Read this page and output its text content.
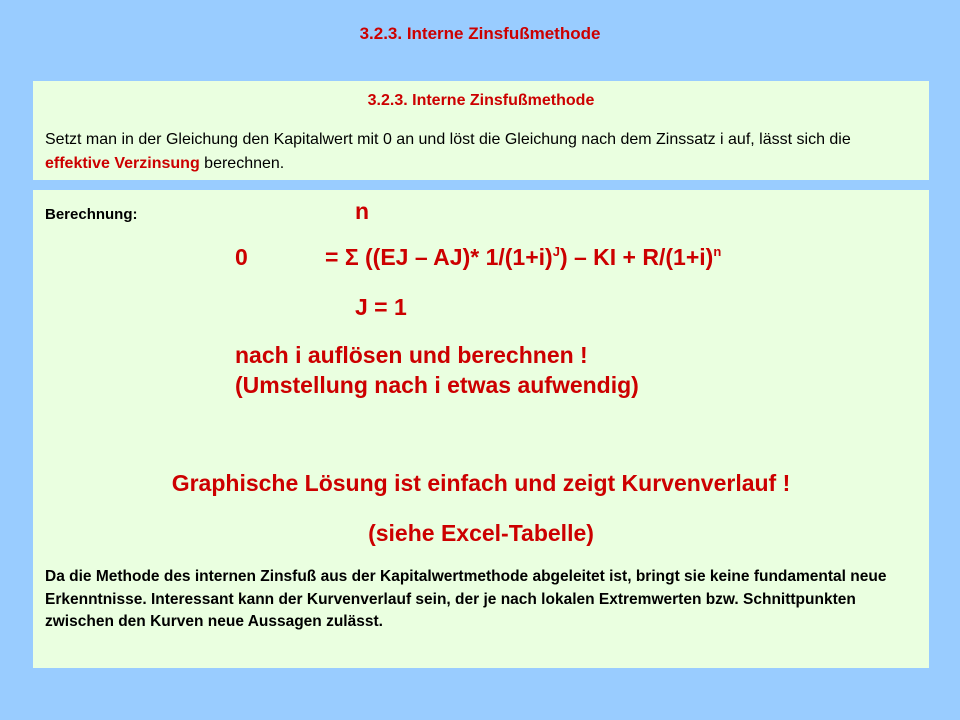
3.2.3. Interne Zinsfußmethode
3.2.3. Interne Zinsfußmethode
Setzt man in der Gleichung den Kapitalwert mit 0 an und löst die Gleichung nach dem Zinssatz i auf, lässt sich die effektive Verzinsung berechnen.
Berechnung:	n
0	= Σ ((EJ – AJ)* $1/(1+i)^J$) – KI + $R/(1+i)^n$
J = 1
nach i auflösen und berechnen !
(Umstellung nach i etwas aufwendig)
Graphische Lösung ist einfach und zeigt Kurvenverlauf !
(siehe Excel-Tabelle)
Da die Methode des internen Zinsfuß aus der Kapitalwertmethode abgeleitet ist, bringt sie keine fundamental neue Erkenntnisse. Interessant kann der Kurvenverlauf sein, der je nach lokalen Extremwerten bzw. Schnittpunkten zwischen den Kurven neue Aussagen zulässt.
